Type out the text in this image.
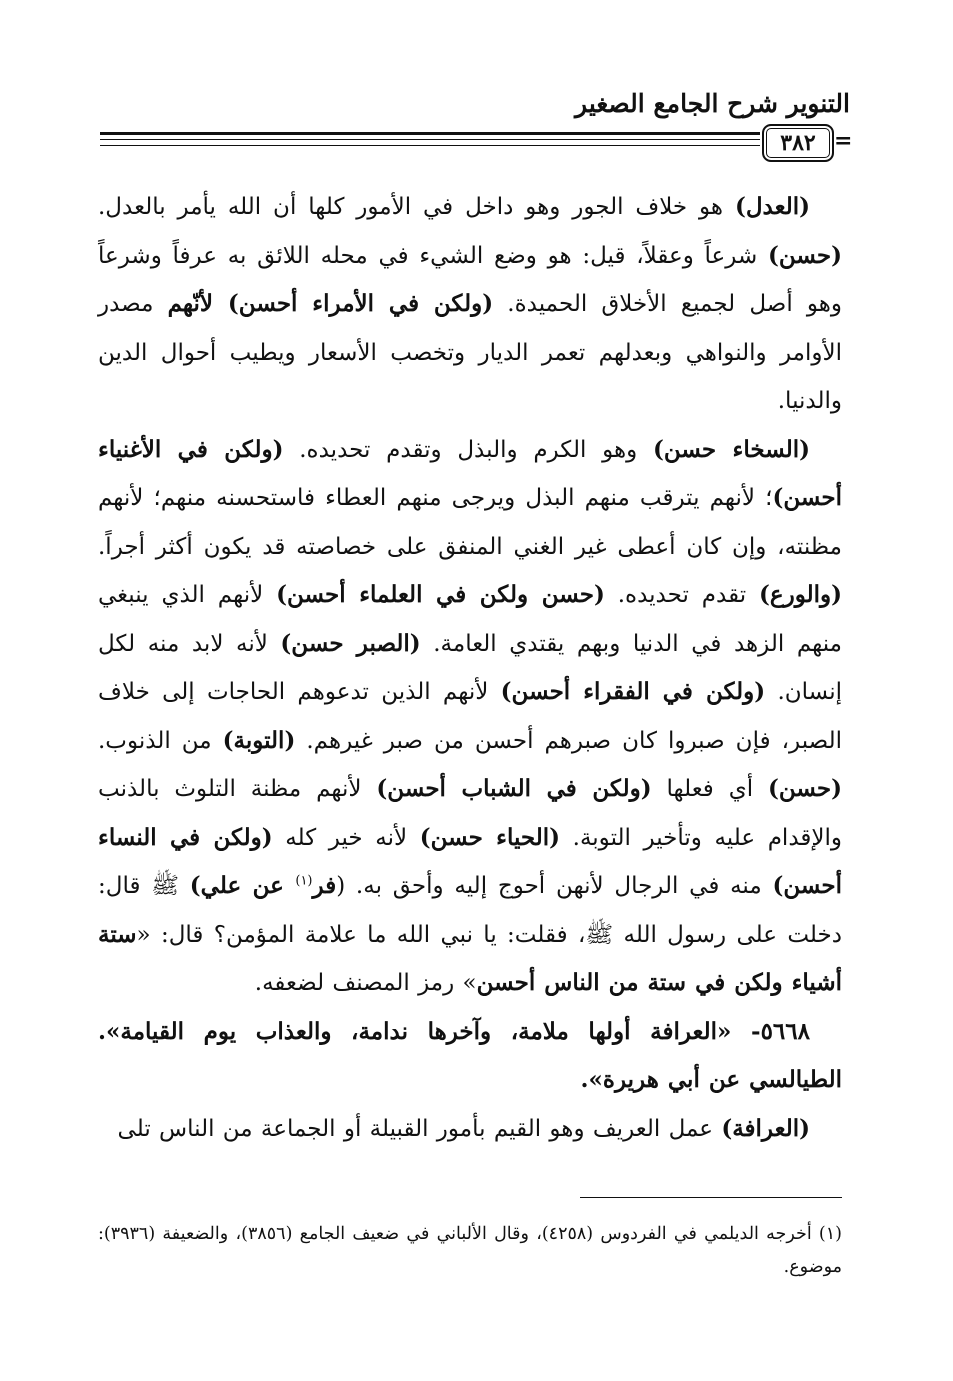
التنوير شرح الجامع الصغير
٣٨٢ =

(العدل) هو خلاف الجور وهو داخل في الأمور كلها أن الله يأمر بالعدل. (حسن) شرعاً وعقلاً، قيل: هو وضع الشيء في محله اللائق به عرفاً وشرعاً وهو أصل لجميع الأخلاق الحميدة. (ولكن في الأمراء أحسن) لأنّهم مصدر الأوامر والنواهي وبعدلهم تعمر الديار وتخصب الأسعار ويطيب أحوال الدين والدنيا.

(السخاء حسن) وهو الكرم والبذل وتقدم تحديده. (ولكن في الأغنياء أحسن)؛ لأنهم يترقب منهم البذل ويرجى منهم العطاء فاستحسنه منهم؛ لأنهم مظنته، وإن كان أعطى غير الغني المنفق على خصاصته قد يكون أكثر أجراً. (والورع) تقدم تحديده. (حسن ولكن في العلماء أحسن) لأنهم الذي ينبغي منهم الزهد في الدنيا وبهم يقتدي العامة. (الصبر حسن) لأنه لابد منه لكل إنسان. (ولكن في الفقراء أحسن) لأنهم الذين تدعوهم الحاجات إلى خلاف الصبر، فإن صبروا كان صبرهم أحسن من صبر غيرهم. (التوبة) من الذنوب. (حسن) أي فعلها (ولكن في الشباب أحسن) لأنهم مظنة التلوث بالذنب والإقدام عليه وتأخير التوبة. (الحياء حسن) لأنه خير كله (ولكن في النساء أحسن) منه في الرجال لأنهن أحوج إليه وأحق به. (فر$^{(١)}$ عن علي) ﷺ قال: دخلت على رسول الله ﷺ، فقلت: يا نبي الله ما علامة المؤمن؟ قال: «ستة أشياء ولكن في ستة من الناس أحسن» رمز المصنف لضعفه.

٥٦٦٨- «العرافة أولها ملامة، وآخرها ندامة، والعذاب يوم القيامة». الطيالسي عن أبي هريرة».

(العرافة) عمل العريف وهو القيم بأمور القبيلة أو الجماعة من الناس تلى

(١) أخرجه الديلمي في الفردوس (٤٢٥٨)، وقال الألباني في ضعيف الجامع (٣٨٥٦)، والضعيفة (٣٩٣٦): موضوع.
